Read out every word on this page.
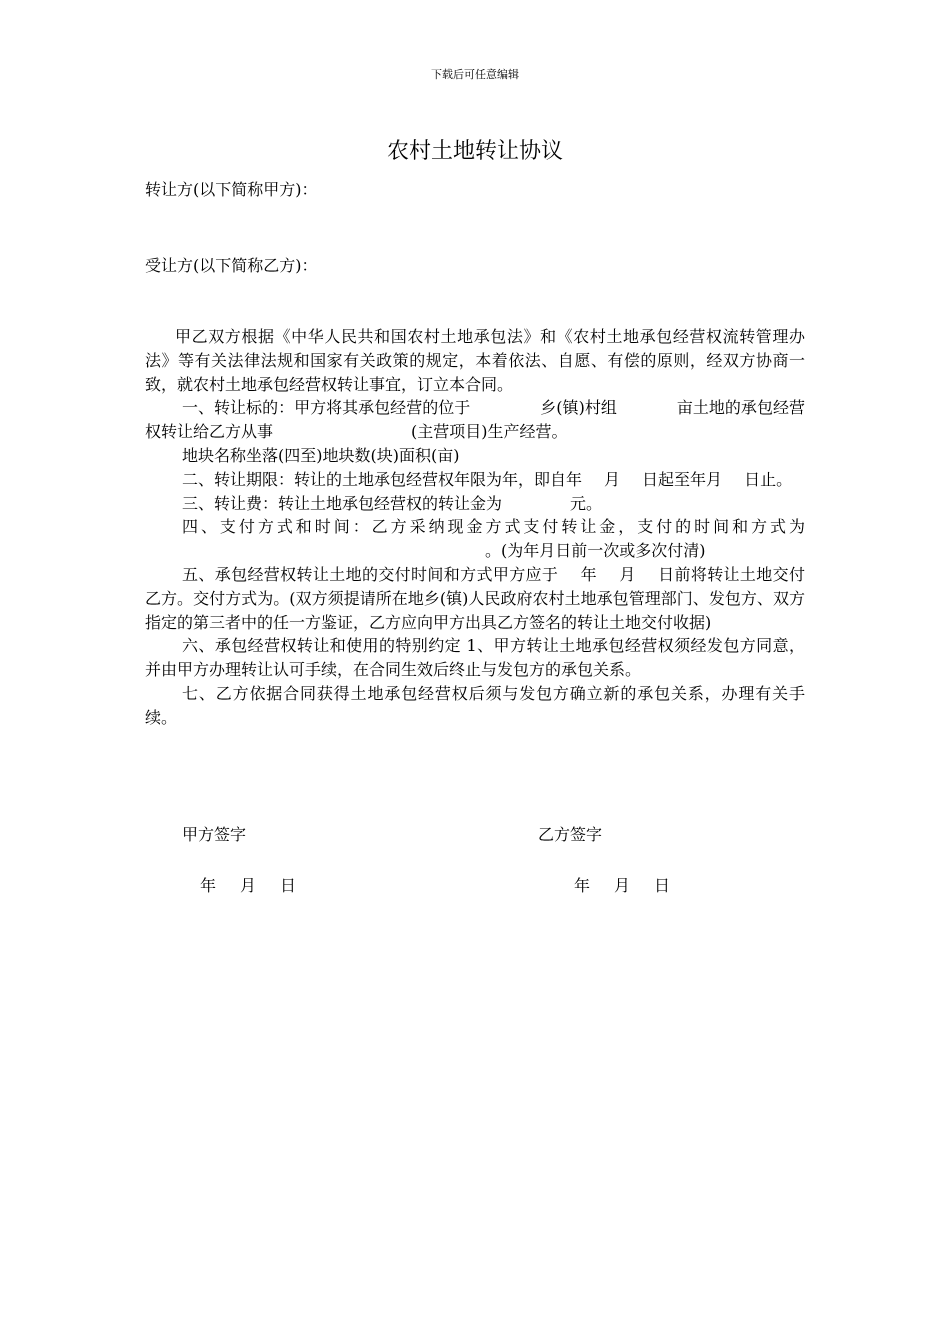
下载后可任意编辑
农村土地转让协议
转让方(以下简称甲方)：
受让方(以下简称乙方)：

甲乙双方根据《中华人民共和国农村土地承包法》和《农村土地承包经营权流转管理办法》等有关法律法规和国家有关政策的规定，本着依法、自愿、有偿的原则，经双方协商一致，就农村土地承包经营权转让事宜，订立本合同。

一、转让标的：甲方将其承包经营的位于	乡(镇)村组	亩土地的承包经营权转让给乙方从事	(主营项目)生产经营。

地块名称坐落(四至)地块数(块)面积(亩)

二、转让期限：转让的土地承包经营权年限为年，即自年 月 日起至年月 日止。

三、转让费：转让土地承包经营权的转让金为	元。

四、支付方式和时间：乙方采纳现金方式支付转让金，支付的时间和方式为。(为年月日前一次或多次付清)

五、承包经营权转让土地的交付时间和方式甲方应于 年 月 日前将转让土地交付乙方。交付方式为。(双方须提请所在地乡(镇)人民政府农村土地承包管理部门、发包方、双方指定的第三者中的任一方鉴证，乙方应向甲方出具乙方签名的转让土地交付收据)

六、承包经营权转让和使用的特别约定 1、甲方转让土地承包经营权须经发包方同意，并由甲方办理转让认可手续，在合同生效后终止与发包方的承包关系。

七、乙方依据合同获得土地承包经营权后须与发包方确立新的承包关系，办理有关手续。

甲方签字	乙方签字
年 月 日	年 月 日
